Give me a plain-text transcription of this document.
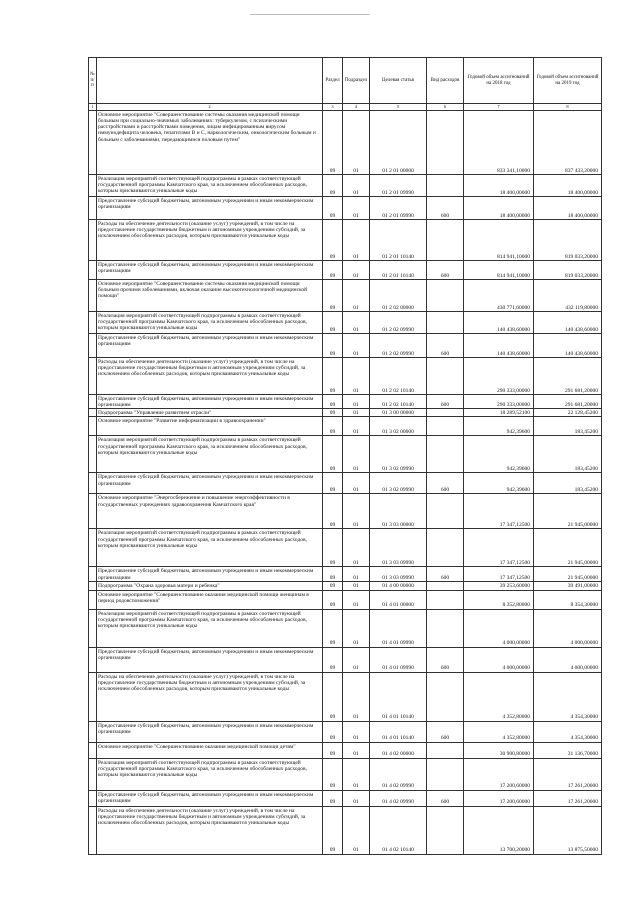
№ п/п		Раздел	Подраздел	Целевая статья	Вид расходов	Годовой объем ассигнований на 2018 год	Годовой объем ассигнований на 2019 год
1	2	3	4	5	6	7	8
	Основное мероприятие "Совершенствование системы оказания медицинской помощи больным при социально-значимых заболеваниях: туберкулезом, с психическими расстройствами и расстройствами поведения, лицам инфицированным вирусом иммунодефицита человека, гепатитами В и С, наркологическим, онкологическим больным и больным с заболеваниями, передающимися половым путем"	09	01	01 2 01 00000		833 341,10000	837 433,20000
	Реализация мероприятий соответствующей подпрограммы в рамках соответствующей государственной программы Камчатского края, за исключением обособленных расходов, которым присваиваются уникальные коды	09	01	01 2 01 09990		18 400,00000	18 400,00000
	Предоставление субсидий бюджетным, автономным учреждениям и иным некоммерческим организациям	09	01	01 2 01 09990	600	18 400,00000	18 400,00000
	Расходы на обеспечение деятельности (оказание услуг) учреждений, в том числе на предоставление государственным бюджетным и автономным учреждениям субсидий, за исключением обособленных расходов, которым присваиваются уникальные коды	09	01	01 2 01 10140		814 941,10000	819 033,20000
	Предоставление субсидий бюджетным, автономным учреждениям и иным некоммерческим организациям	09	01	01 2 01 10140	600	814 941,10000	819 033,20000
	Основное мероприятие "Совершенствование системы оказания медицинской помощи больным прочими заболеваниями, включая оказание высокотехнологичной медицинской помощи"	09	01	01 2 02 00000		430 771,60000	432 119,80000
	Реализация мероприятий соответствующей подпрограммы в рамках соответствующей государственной программы Камчатского края, за исключением обособленных расходов, которым присваиваются уникальные коды	09	01	01 2 02 09990		140 438,60000	140 438,60000
	Предоставление субсидий бюджетным, автономным учреждениям и иным некоммерческим организациям	09	01	01 2 02 09990	600	140 438,60000	140 438,60000
	Расходы на обеспечение деятельности (оказание услуг) учреждений, в том числе на предоставление государственным бюджетным и автономным учреждениям субсидий, за исключением обособленных расходов, которым присваиваются уникальные коды	09	01	01 2 02 10140		290 333,00000	291 681,20000
	Предоставление субсидий бюджетным, автономным учреждениям и иным некоммерческим организациям	09	01	01 2 02 10140	600	290 333,00000	291 681,20000
	Подпрограмма "Управление развитием отрасли"	09	01	01 3 00 00000		18 289,52100	22 128,45200
	Основное мероприятие "Развитие информатизации в здравоохранении"	09	01	01 3 02 00000		942,39600	183,45200
	Реализация мероприятий соответствующей подпрограммы в рамках соответствующей государственной программы Камчатского края, за исключением обособленных расходов, которым присваиваются уникальные коды	09	01	01 3 02 09990		942,39600	183,45200
	Предоставление субсидий бюджетным, автономным учреждениям и иным некоммерческим организациям	09	01	01 3 02 09990	600	942,39600	183,45200
	Основное мероприятие "Энергосбережение и повышение энергоэффективности в государственных учреждениях здравоохранения Камчатского края"	09	01	01 3 03 00000		17 347,12500	21 945,00000
	Реализация мероприятий соответствующей подпрограммы в рамках соответствующей государственной программы Камчатского края, за исключением обособленных расходов, которым присваиваются уникальные коды	09	01	01 3 03 09990		17 347,12500	21 945,00000
	Предоставление субсидий бюджетным, автономным учреждениям и иным некоммерческим организациям	09	01	01 3 03 09990	600	17 347,12500	21 945,00000
	Подпрограмма "Охрана здоровья матери и ребенка"	09	01	01 4 00 00000		39 253,60000	39 491,00000
	Основное мероприятие "Совершенствование оказания медицинской помощи женщинам в период родовспоможения"	09	01	01 4 01 00000		8 352,80000	8 354,30000
	Реализация мероприятий соответствующей подпрограммы в рамках соответствующей государственной программы Камчатского края, за исключением обособленных расходов, которым присваиваются уникальные коды	09	01	01 4 01 09990		4 000,00000	4 000,00000
	Предоставление субсидий бюджетным, автономным учреждениям и иным некоммерческим организациям	09	01	01 4 01 09990	600	4 000,00000	4 000,00000
	Расходы на обеспечение деятельности (оказание услуг) учреждений, в том числе на предоставление государственным бюджетным и автономным учреждениям субсидий, за исключением обособленных расходов, которым присваиваются уникальные коды	09	01	01 4 01 10140		4 352,80000	4 354,30000
	Предоставление субсидий бюджетным, автономным учреждениям и иным некоммерческим организациям	09	01	01 4 01 10140	600	4 352,80000	4 354,30000
	Основное мероприятие "Совершенствование оказания медицинской помощи детям"	09	01	01 4 02 00000		30 900,80000	31 136,70000
	Реализация мероприятий соответствующей подпрограммы в рамках соответствующей государственной программы Камчатского края, за исключением обособленных расходов, которым присваиваются уникальные коды	09	01	01 4 02 09990		17 200,60000	17 261,20000
	Предоставление субсидий бюджетным, автономным учреждениям и иным некоммерческим организациям	09	01	01 4 02 09990	600	17 200,60000	17 261,20000
	Расходы на обеспечение деятельности (оказание услуг) учреждений, в том числе на предоставление государственным бюджетным и автономным учреждениям субсидий, за исключением обособленных расходов, которым присваиваются уникальные коды	09	01	01 4 02 10140		13 700,20000	13 875,50000
